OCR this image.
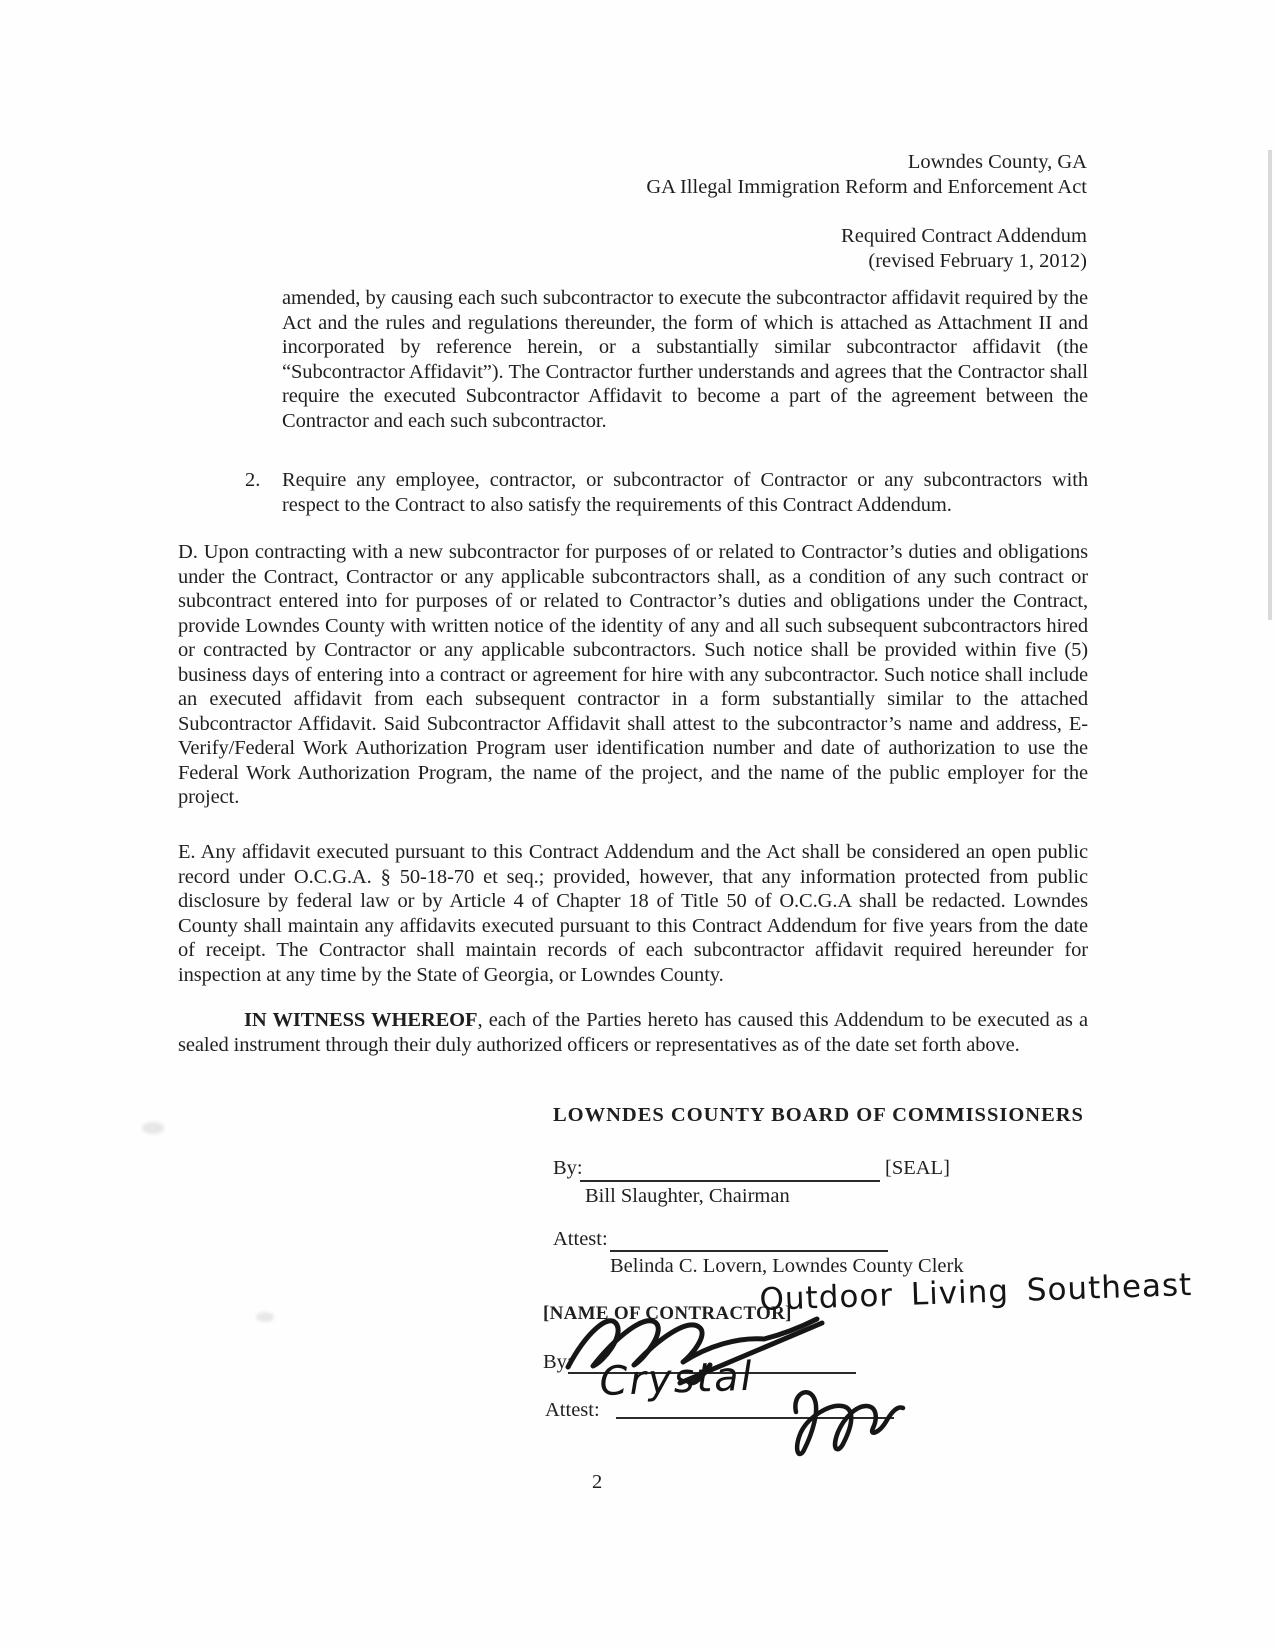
Lowndes County, GA
GA Illegal Immigration Reform and Enforcement Act
Required Contract Addendum
(revised February 1, 2012)

amended, by causing each such subcontractor to execute the subcontractor affidavit required by the Act and the rules and regulations thereunder, the form of which is attached as Attachment II and incorporated by reference herein, or a substantially similar subcontractor affidavit (the “Subcontractor Affidavit”). The Contractor further understands and agrees that the Contractor shall require the executed Subcontractor Affidavit to become a part of the agreement between the Contractor and each such subcontractor.

2. Require any employee, contractor, or subcontractor of Contractor or any subcontractors with respect to the Contract to also satisfy the requirements of this Contract Addendum.

D. Upon contracting with a new subcontractor for purposes of or related to Contractor’s duties and obligations under the Contract, Contractor or any applicable subcontractors shall, as a condition of any such contract or subcontract entered into for purposes of or related to Contractor’s duties and obligations under the Contract, provide Lowndes County with written notice of the identity of any and all such subsequent subcontractors hired or contracted by Contractor or any applicable subcontractors. Such notice shall be provided within five (5) business days of entering into a contract or agreement for hire with any subcontractor. Such notice shall include an executed affidavit from each subsequent contractor in a form substantially similar to the attached Subcontractor Affidavit. Said Subcontractor Affidavit shall attest to the subcontractor’s name and address, E-Verify/Federal Work Authorization Program user identification number and date of authorization to use the Federal Work Authorization Program, the name of the project, and the name of the public employer for the project.

E. Any affidavit executed pursuant to this Contract Addendum and the Act shall be considered an open public record under O.C.G.A. § 50-18-70 et seq.; provided, however, that any information protected from public disclosure by federal law or by Article 4 of Chapter 18 of Title 50 of O.C.G.A shall be redacted. Lowndes County shall maintain any affidavits executed pursuant to this Contract Addendum for five years from the date of receipt. The Contractor shall maintain records of each subcontractor affidavit required hereunder for inspection at any time by the State of Georgia, or Lowndes County.

IN WITNESS WHEREOF, each of the Parties hereto has caused this Addendum to be executed as a sealed instrument through their duly authorized officers or representatives as of the date set forth above.

LOWNDES COUNTY BOARD OF COMMISSIONERS
By:	[SEAL]
Bill Slaughter, Chairman
Attest:
Belinda C. Lovern, Lowndes County Clerk
[NAME OF CONTRACTOR]
Outdoor Living Southeast
By:
Attest:
Crystal
2
